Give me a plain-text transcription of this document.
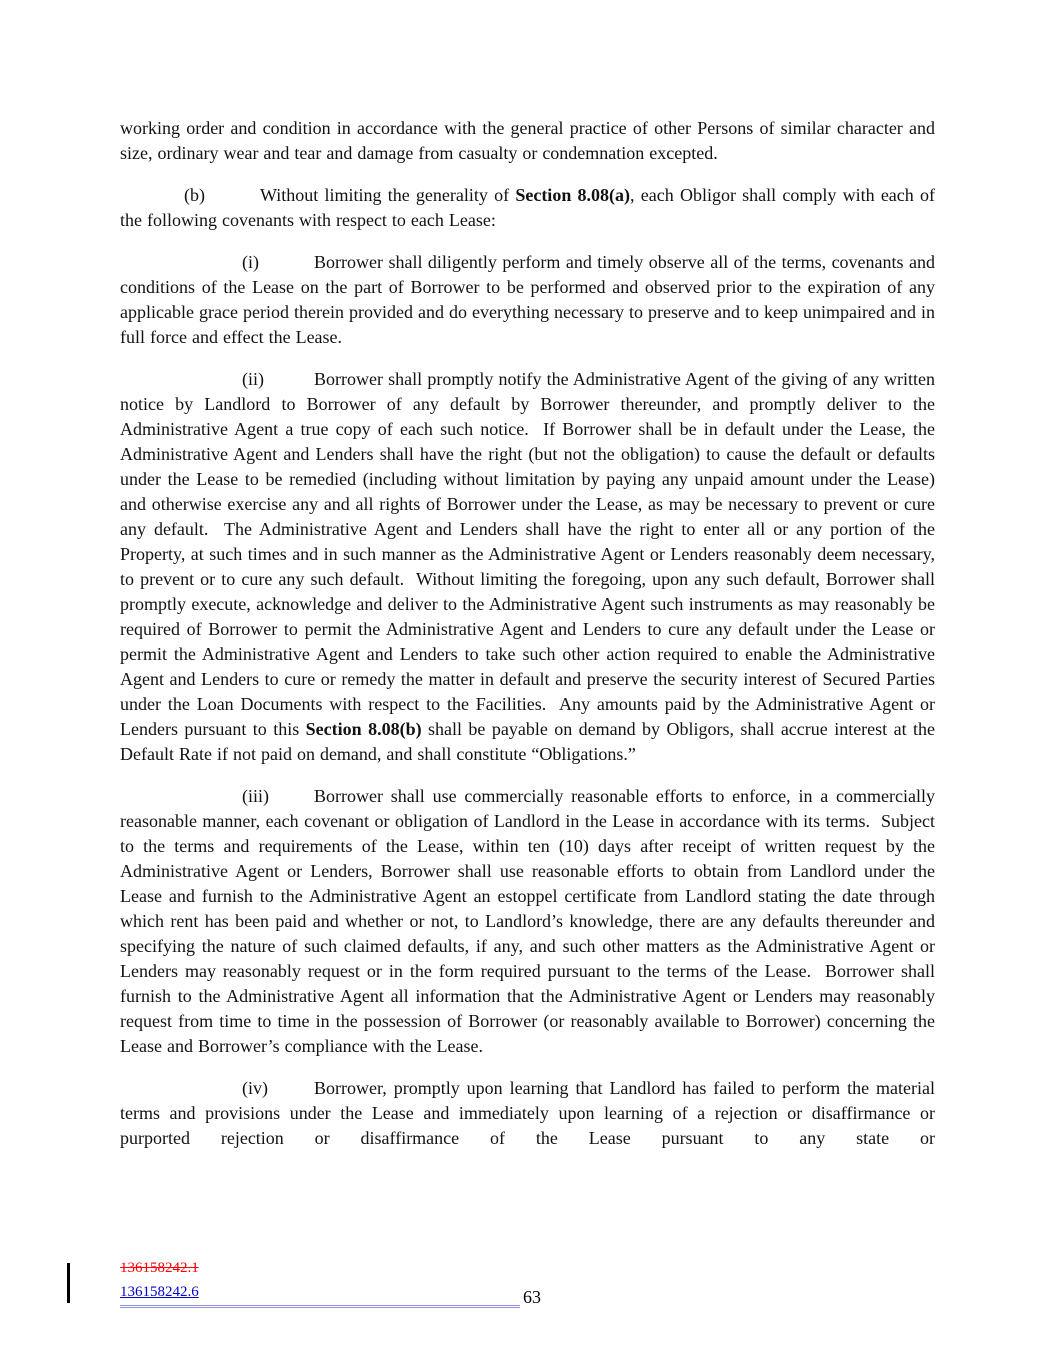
working order and condition in accordance with the general practice of other Persons of similar character and size, ordinary wear and tear and damage from casualty or condemnation excepted.

(b)	Without limiting the generality of Section 8.08(a), each Obligor shall comply with each of the following covenants with respect to each Lease:

(i)	Borrower shall diligently perform and timely observe all of the terms, covenants and conditions of the Lease on the part of Borrower to be performed and observed prior to the expiration of any applicable grace period therein provided and do everything necessary to preserve and to keep unimpaired and in full force and effect the Lease.

(ii)	Borrower shall promptly notify the Administrative Agent of the giving of any written notice by Landlord to Borrower of any default by Borrower thereunder, and promptly deliver to the Administrative Agent a true copy of each such notice.  If Borrower shall be in default under the Lease, the Administrative Agent and Lenders shall have the right (but not the obligation) to cause the default or defaults under the Lease to be remedied (including without limitation by paying any unpaid amount under the Lease) and otherwise exercise any and all rights of Borrower under the Lease, as may be necessary to prevent or cure any default.  The Administrative Agent and Lenders shall have the right to enter all or any portion of the Property, at such times and in such manner as the Administrative Agent or Lenders reasonably deem necessary, to prevent or to cure any such default.  Without limiting the foregoing, upon any such default, Borrower shall promptly execute, acknowledge and deliver to the Administrative Agent such instruments as may reasonably be required of Borrower to permit the Administrative Agent and Lenders to cure any default under the Lease or permit the Administrative Agent and Lenders to take such other action required to enable the Administrative Agent and Lenders to cure or remedy the matter in default and preserve the security interest of Secured Parties under the Loan Documents with respect to the Facilities.  Any amounts paid by the Administrative Agent or Lenders pursuant to this Section 8.08(b) shall be payable on demand by Obligors, shall accrue interest at the Default Rate if not paid on demand, and shall constitute “Obligations.”

(iii)	Borrower shall use commercially reasonable efforts to enforce, in a commercially reasonable manner, each covenant or obligation of Landlord in the Lease in accordance with its terms.  Subject to the terms and requirements of the Lease, within ten (10) days after receipt of written request by the Administrative Agent or Lenders, Borrower shall use reasonable efforts to obtain from Landlord under the Lease and furnish to the Administrative Agent an estoppel certificate from Landlord stating the date through which rent has been paid and whether or not, to Landlord’s knowledge, there are any defaults thereunder and specifying the nature of such claimed defaults, if any, and such other matters as the Administrative Agent or Lenders may reasonably request or in the form required pursuant to the terms of the Lease.  Borrower shall furnish to the Administrative Agent all information that the Administrative Agent or Lenders may reasonably request from time to time in the possession of Borrower (or reasonably available to Borrower) concerning the Lease and Borrower’s compliance with the Lease.

(iv)	Borrower, promptly upon learning that Landlord has failed to perform the material terms and provisions under the Lease and immediately upon learning of a rejection or disaffirmance or purported rejection or disaffirmance of the Lease pursuant to any state or

136158242.1
136158242.6	63
